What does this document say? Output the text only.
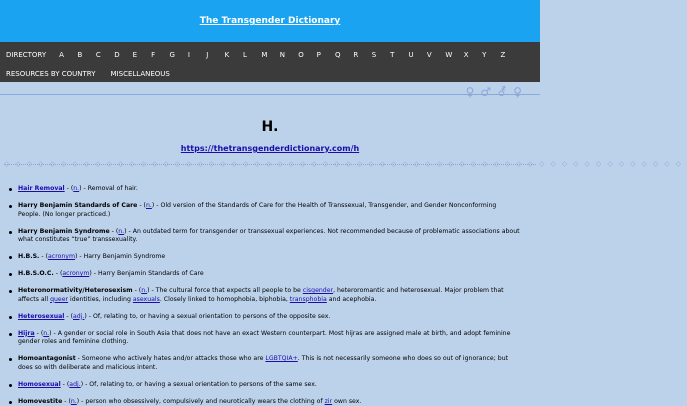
The Transgender Dictionary
DIRECTORY A	B	C	D	E	F	G	I	J	K	L	M	N	O	P	Q	R	S	T	U	V	W	X	Y	Z
RESOURCES BY COUNTRY MISCELLANEOUS
♀ ♂ ⚦ ♀
H.
https://thetransgenderdictionary.com/h
◇◇◇◇◇◇◇◇◇◇◇◇◇◇◇◇◇◇◇◇◇◇◇◇◇◇◇◇◇◇◇◇◇◇◇◇◇◇◇◇◇◇◇◇◇◇◇◇◇◇◇◇◇◇◇◇◇◇◇◇
Hair Removal - (n.) - Removal of hair.
Harry Benjamin Standards of Care - (n.) - Old version of the Standards of Care for the Health of Transsexual, Transgender, and Gender Nonconforming People. (No longer practiced.)
Harry Benjamin Syndrome - (n.) - An outdated term for transgender or transsexual experiences. Not recommended because of problematic associations about what constitutes “true” transsexuality.
H.B.S. - (acronym) - Harry Benjamin Syndrome
H.B.S.O.C. - (acronym) - Harry Benjamin Standards of Care
Heteronormativity/Heterosexism - (n.) - The cultural force that expects all people to be cisgender, heteroromantic and heterosexual. Major problem that affects all queer identities, including asexuals. Closely linked to homophobia, biphobia, transphobia and acephobia.
Heterosexual - (adj.) - Of, relating to, or having a sexual orientation to persons of the opposite sex.
Hijra - (n.) - A gender or social role in South Asia that does not have an exact Western counterpart. Most hijras are assigned male at birth, and adopt feminine gender roles and feminine clothing.
Homoantagonist - Someone who actively hates and/or attacks those who are LGBTQIA+. This is not necessarily someone who does so out of ignorance; but does so with deliberate and malicious intent.
Homosexual - (adj.) - Of, relating to, or having a sexual orientation to persons of the same sex.
Homovestite - (n.) - person who obsessively, compulsively and neurotically wears the clothing of zir own sex.
